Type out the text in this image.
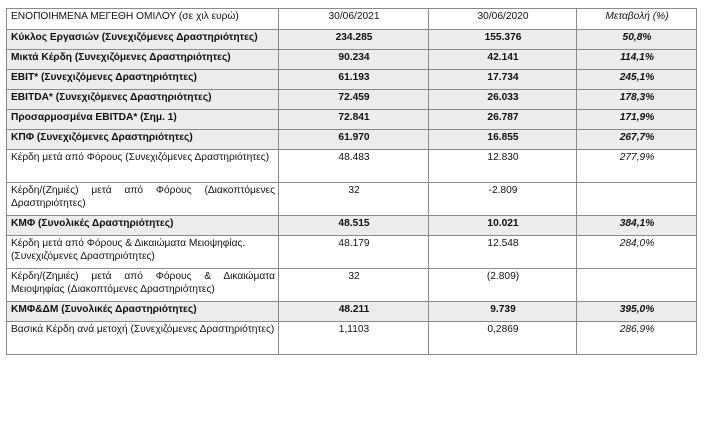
ΕΝΟΠΟΙΗΜΕΝΑ ΜΕΓΕΘΗ ΟΜΙΛΟΥ (σε χιλ ευρώ)	30/06/2021	30/06/2020	Μεταβολή (%)
Κύκλος Εργασιών (Συνεχιζόμενες Δραστηριότητες)	234.285	155.376	50,8%
Μικτά Κέρδη (Συνεχιζόμενες Δραστηριότητες)	90.234	42.141	114,1%
EBIT* (Συνεχιζόμενες Δραστηριότητες)	61.193	17.734	245,1%
EBITDA* (Συνεχιζόμενες Δραστηριότητες)	72.459	26.033	178,3%
Προσαρμοσμένα EBITDA* (Σημ. 1)	72.841	26.787	171,9%
ΚΠΦ (Συνεχιζόμενες Δραστηριότητες)	61.970	16.855	267,7%
Κέρδη μετά από Φόρους (Συνεχιζόμενες Δραστηριότητες)	48.483	12.830	277,9%
Κέρδη/(Ζημιές) μετά από Φόρους (Διακοπτόμενες Δραστηριότητες)	32	-2.809	
ΚΜΦ (Συνολικές Δραστηριότητες)	48.515	10.021	384,1%
Κέρδη μετά από Φόρους & Δικαιώματα Μειοψηφίας. (Συνεχιζόμενες Δραστηριότητες)	48.179	12.548	284,0%
Κέρδη/(Ζημιές) μετά από Φόρους & Δικαιώματα Μειοψηφίας (Διακοπτόμενες Δραστηριότητες)	32	(2.809)	
ΚΜΦ&ΔΜ (Συνολικές Δραστηριότητες)	48.211	9.739	395,0%
Βασικά Κέρδη ανά μετοχή (Συνεχιζόμενες Δραστηριότητες)	1,1103	0,2869	286,9%
